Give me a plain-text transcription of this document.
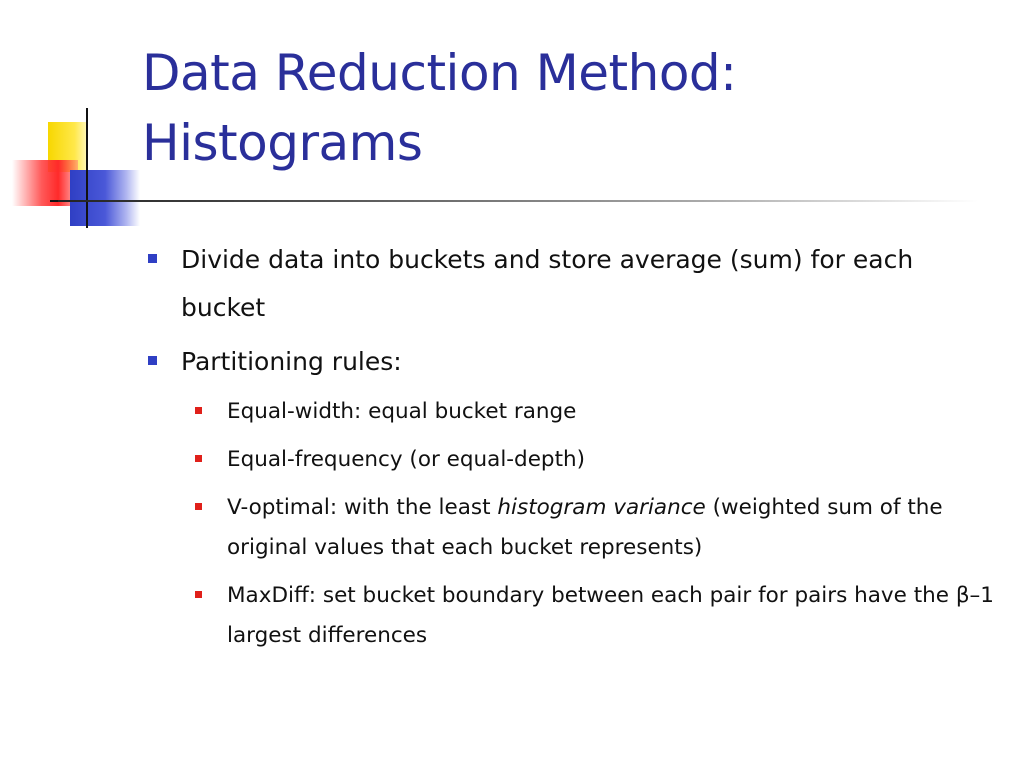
Data Reduction Method:
Histograms
Divide data into buckets and store average (sum) for each bucket
Partitioning rules:
Equal-width: equal bucket range
Equal-frequency (or equal-depth)
V-optimal: with the least histogram variance (weighted sum of the original values that each bucket represents)
MaxDiff: set bucket boundary between each pair for pairs have the β–1 largest differences
